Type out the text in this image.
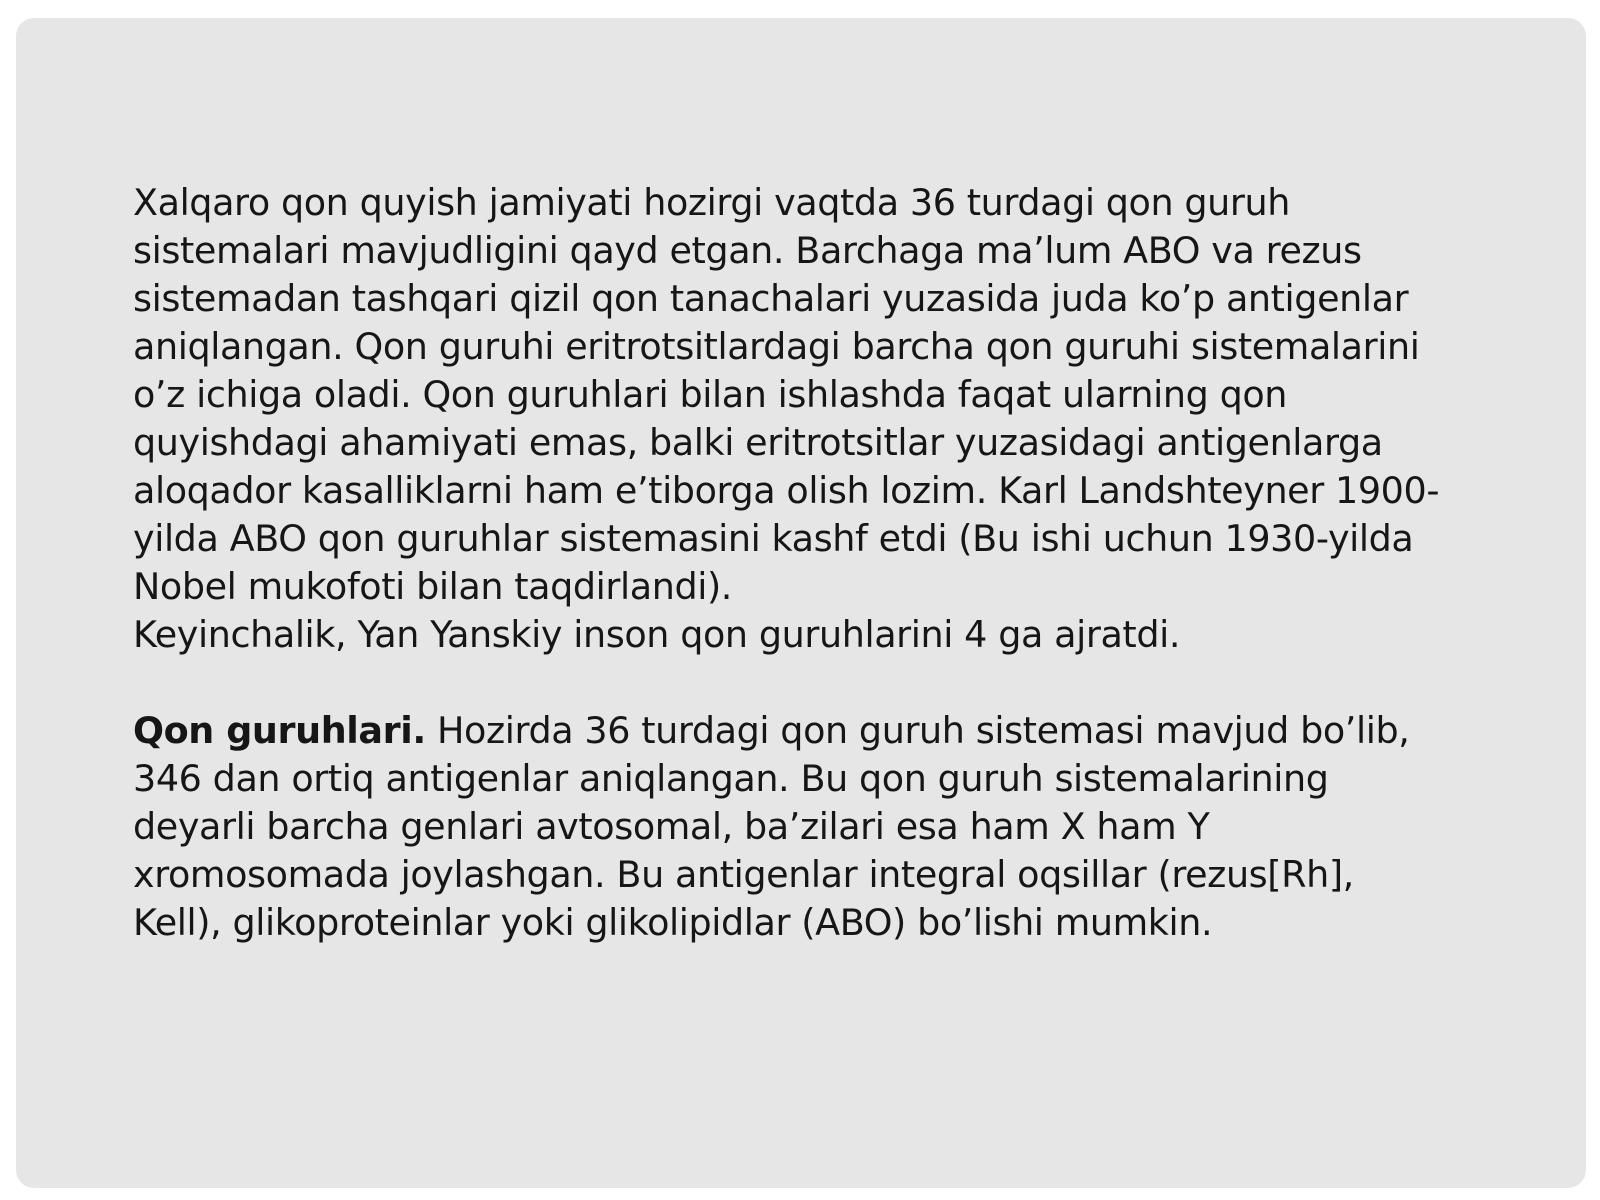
Xalqaro qon quyish jamiyati hozirgi vaqtda 36 turdagi qon guruh
sistemalari mavjudligini qayd etgan. Barchaga ma’lum ABO va rezus
sistemadan tashqari qizil qon tanachalari yuzasida juda ko’p antigenlar
aniqlangan. Qon guruhi eritrotsitlardagi barcha qon guruhi sistemalarini
o’z ichiga oladi. Qon guruhlari bilan ishlashda faqat ularning qon
quyishdagi ahamiyati emas, balki eritrotsitlar yuzasidagi antigenlarga
aloqador kasalliklarni ham e’tiborga olish lozim. Karl Landshteyner 1900-
yilda ABO qon guruhlar sistemasini kashf etdi (Bu ishi uchun 1930-yilda
Nobel mukofoti bilan taqdirlandi).

Keyinchalik, Yan Yanskiy inson qon guruhlarini 4 ga ajratdi.

Qon guruhlari. Hozirda 36 turdagi qon guruh sistemasi mavjud bo’lib,
346 dan ortiq antigenlar aniqlangan. Bu qon guruh sistemalarining
deyarli barcha genlari avtosomal, ba’zilari esa ham X ham Y
xromosomada joylashgan. Bu antigenlar integral oqsillar (rezus[Rh],
Kell), glikoproteinlar yoki glikolipidlar (ABO) bo’lishi mumkin.
